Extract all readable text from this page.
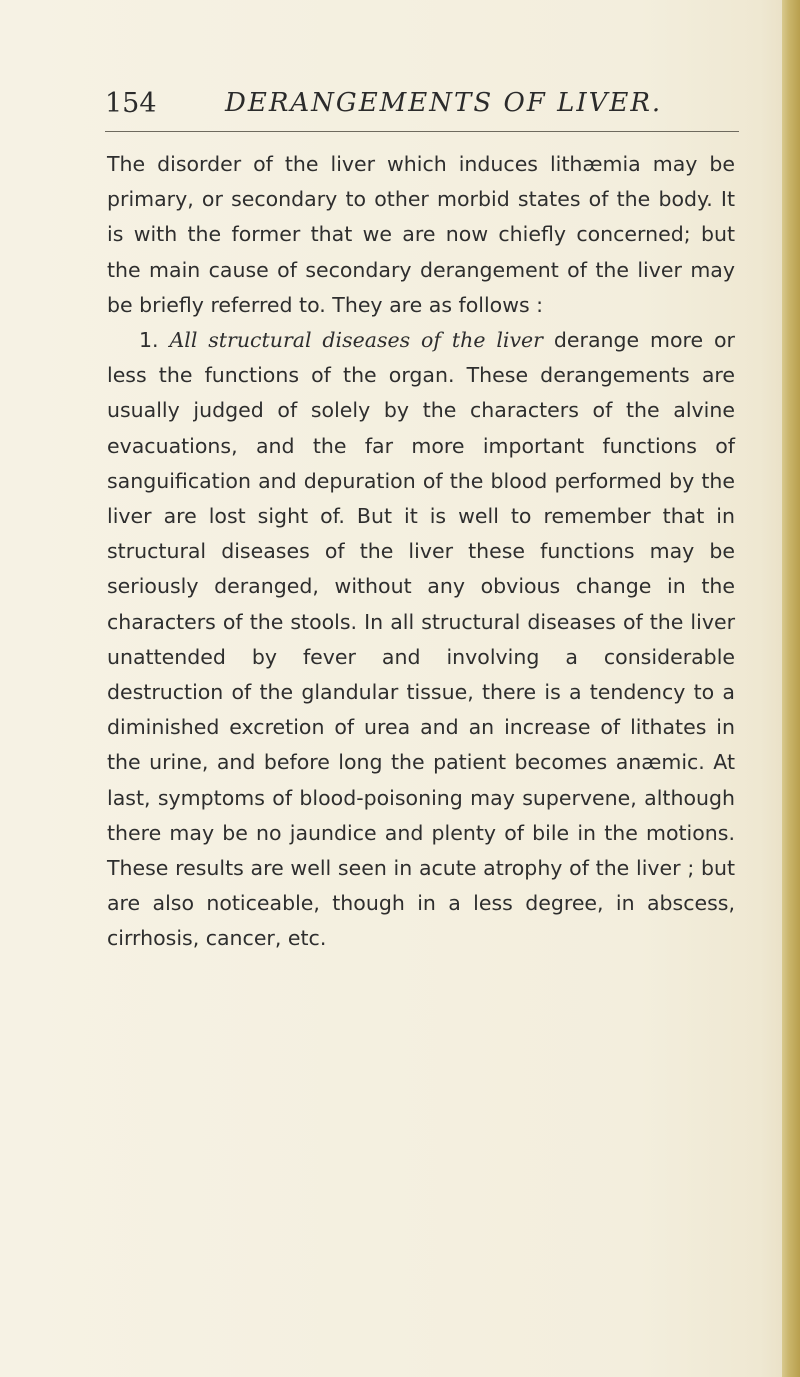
154	DERANGEMENTS OF LIVER.

The disorder of the liver which induces lithæmia may be primary, or secondary to other morbid states of the body. It is with the former that we are now chiefly concerned; but the main cause of secondary derangement of the liver may be briefly referred to. They are as follows :

1. All structural diseases of the liver derange more or less the functions of the organ. These derangements are usually judged of solely by the characters of the alvine evacuations, and the far more important functions of sanguification and depuration of the blood performed by the liver are lost sight of. But it is well to remember that in structural diseases of the liver these functions may be seriously deranged, without any obvious change in the characters of the stools. In all structural diseases of the liver unattended by fever and involving a considerable destruction of the glandular tissue, there is a tendency to a diminished excretion of urea and an increase of lithates in the urine, and before long the patient becomes anæmic. At last, symptoms of blood-poisoning may supervene, although there may be no jaundice and plenty of bile in the motions. These results are well seen in acute atrophy of the liver ; but are also noticeable, though in a less degree, in abscess, cirrhosis, cancer, etc.
